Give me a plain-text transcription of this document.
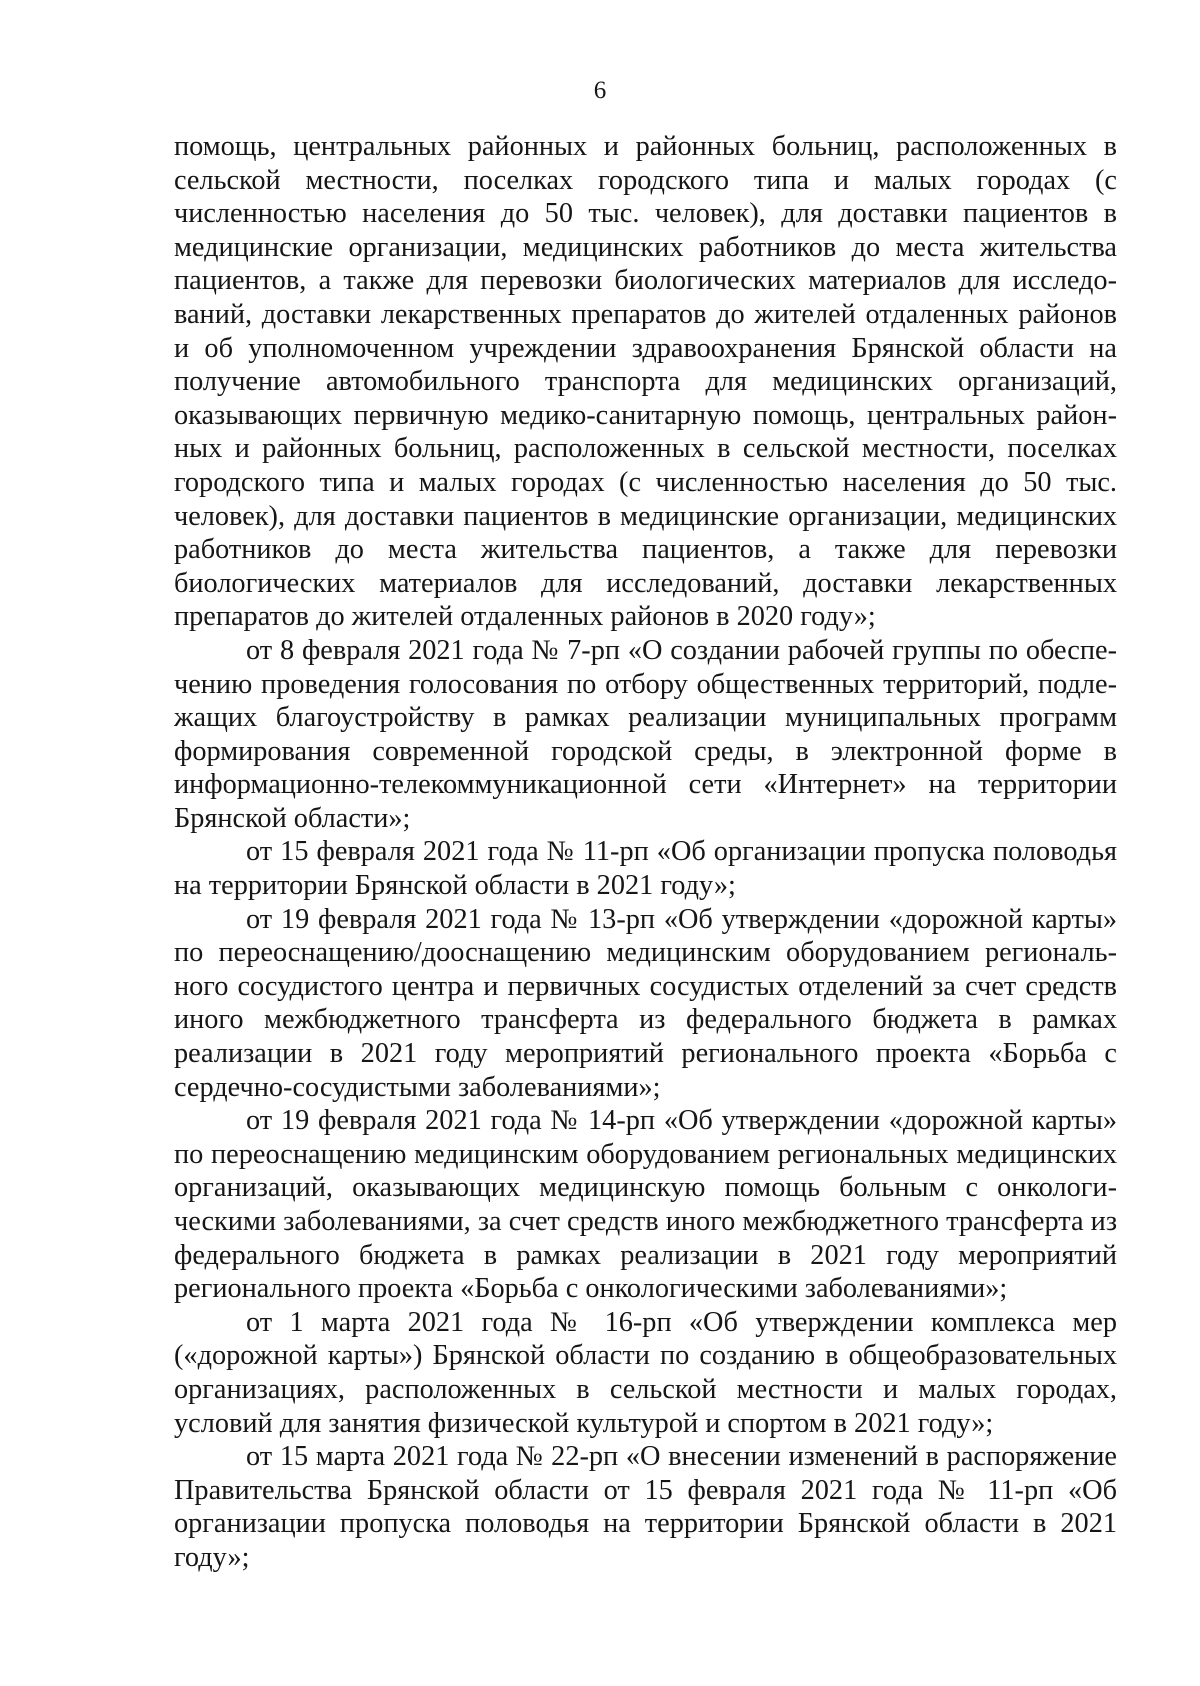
6

помощь, центральных районных и районных больниц, расположенных в сельской местности, поселках городского типа и малых городах (с численностью населения до 50 тыс. человек), для доставки пациентов в медицинские организации, медицинских работников до места жительства пациентов, а также для перевозки биологических материалов для исследований, доставки лекарственных препаратов до жителей отдаленных районов и об уполномоченном учреждении здравоохранения Брянской области на получение автомобильного транспорта для медицинских организаций, оказывающих первичную медико-санитарную помощь, центральных районных и районных больниц, расположенных в сельской местности, поселках городского типа и малых городах (с численностью населения до 50 тыс. человек), для доставки пациентов в медицинские организации, медицинских работников до места жительства пациентов, а также для перевозки биологических материалов для исследований, доставки лекарственных препаратов до жителей отдаленных районов в 2020 году»;

от 8 февраля 2021 года № 7-рп «О создании рабочей группы по обеспечению проведения голосования по отбору общественных территорий, подлежащих благоустройству в рамках реализации муниципальных программ формирования современной городской среды, в электронной форме в информационно-телекоммуникационной сети «Интернет» на территории Брянской области»;

от 15 февраля 2021 года № 11-рп «Об организации пропуска половодья на территории Брянской области в 2021 году»;

от 19 февраля 2021 года № 13-рп «Об утверждении «дорожной карты» по переоснащению/дооснащению медицинским оборудованием регионального сосудистого центра и первичных сосудистых отделений за счет средств иного межбюджетного трансферта из федерального бюджета в рамках реализации в 2021 году мероприятий регионального проекта «Борьба с сердечно-сосудистыми заболеваниями»;

от 19 февраля 2021 года № 14-рп «Об утверждении «дорожной карты» по переоснащению медицинским оборудованием региональных медицинских организаций, оказывающих медицинскую помощь больным с онкологическими заболеваниями, за счет средств иного межбюджетного трансферта из федерального бюджета в рамках реализации в 2021 году мероприятий регионального проекта «Борьба с онкологическими заболеваниями»;

от 1 марта 2021 года № 16-рп «Об утверждении комплекса мер («дорожной карты») Брянской области по созданию в общеобразовательных организациях, расположенных в сельской местности и малых городах, условий для занятия физической культурой и спортом в 2021 году»;

от 15 марта 2021 года № 22-рп «О внесении изменений в распоряжение Правительства Брянской области от 15 февраля 2021 года № 11-рп «Об организации пропуска половодья на территории Брянской области в 2021 году»;
